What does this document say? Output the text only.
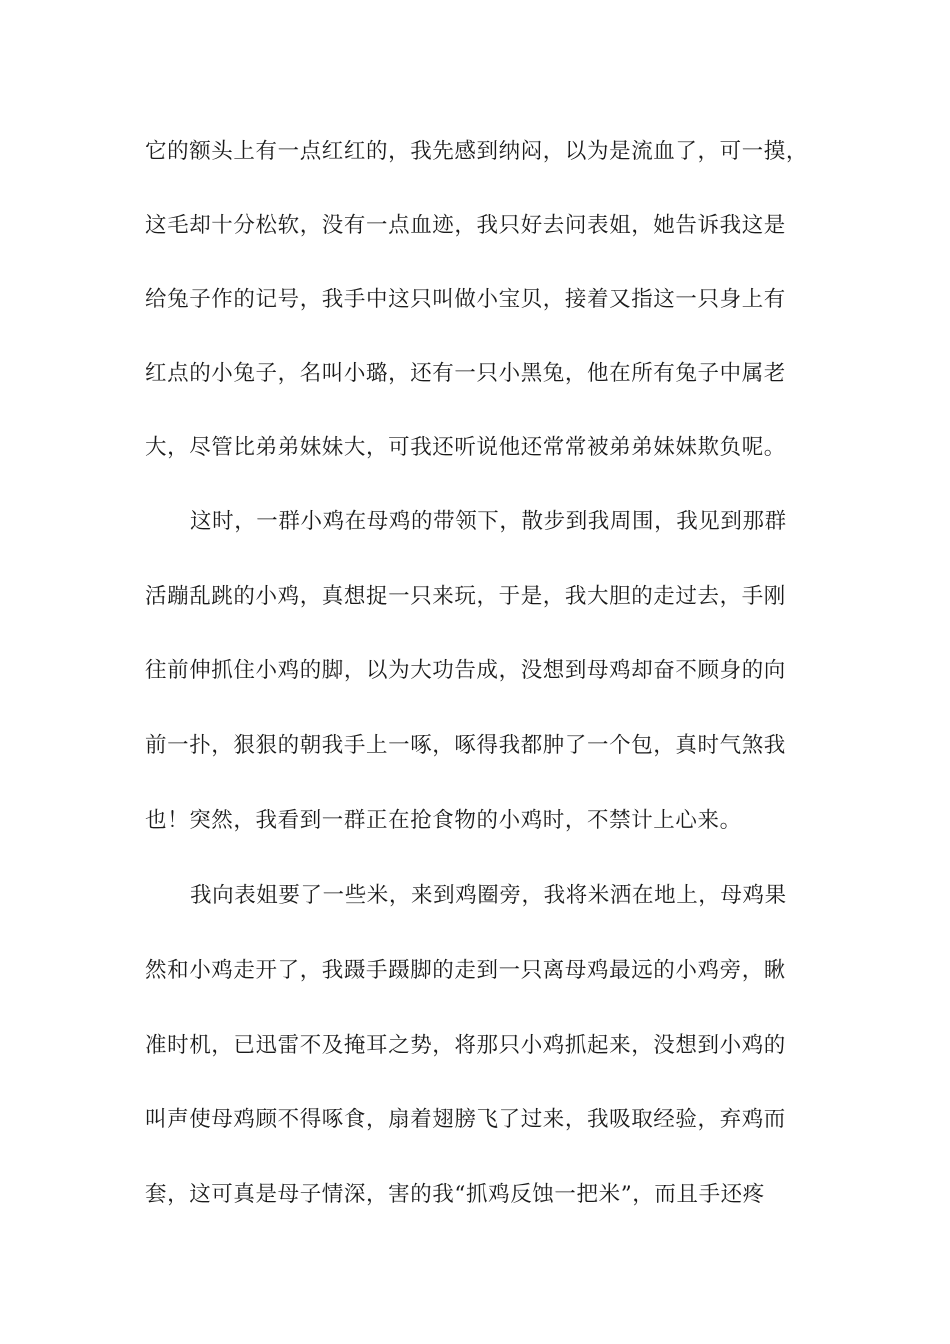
它的额头上有一点红红的，我先感到纳闷，以为是流血了，可一摸，
这毛却十分松软，没有一点血迹，我只好去问表姐，她告诉我这是
给兔子作的记号，我手中这只叫做小宝贝，接着又指这一只身上有
红点的小兔子，名叫小璐，还有一只小黑兔，他在所有兔子中属老
大，尽管比弟弟妹妹大，可我还听说他还常常被弟弟妹妹欺负呢。
这时，一群小鸡在母鸡的带领下，散步到我周围，我见到那群
活蹦乱跳的小鸡，真想捉一只来玩，于是，我大胆的走过去，手刚
往前伸抓住小鸡的脚，以为大功告成，没想到母鸡却奋不顾身的向
前一扑，狠狠的朝我手上一啄，啄得我都肿了一个包，真时气煞我
也！突然，我看到一群正在抢食物的小鸡时，不禁计上心来。
我向表姐要了一些米，来到鸡圈旁，我将米洒在地上，母鸡果
然和小鸡走开了，我蹑手蹑脚的走到一只离母鸡最远的小鸡旁，瞅
准时机，已迅雷不及掩耳之势，将那只小鸡抓起来，没想到小鸡的
叫声使母鸡顾不得啄食，扇着翅膀飞了过来，我吸取经验，弃鸡而
套，这可真是母子情深，害的我“抓鸡反蚀一把米”，而且手还疼
